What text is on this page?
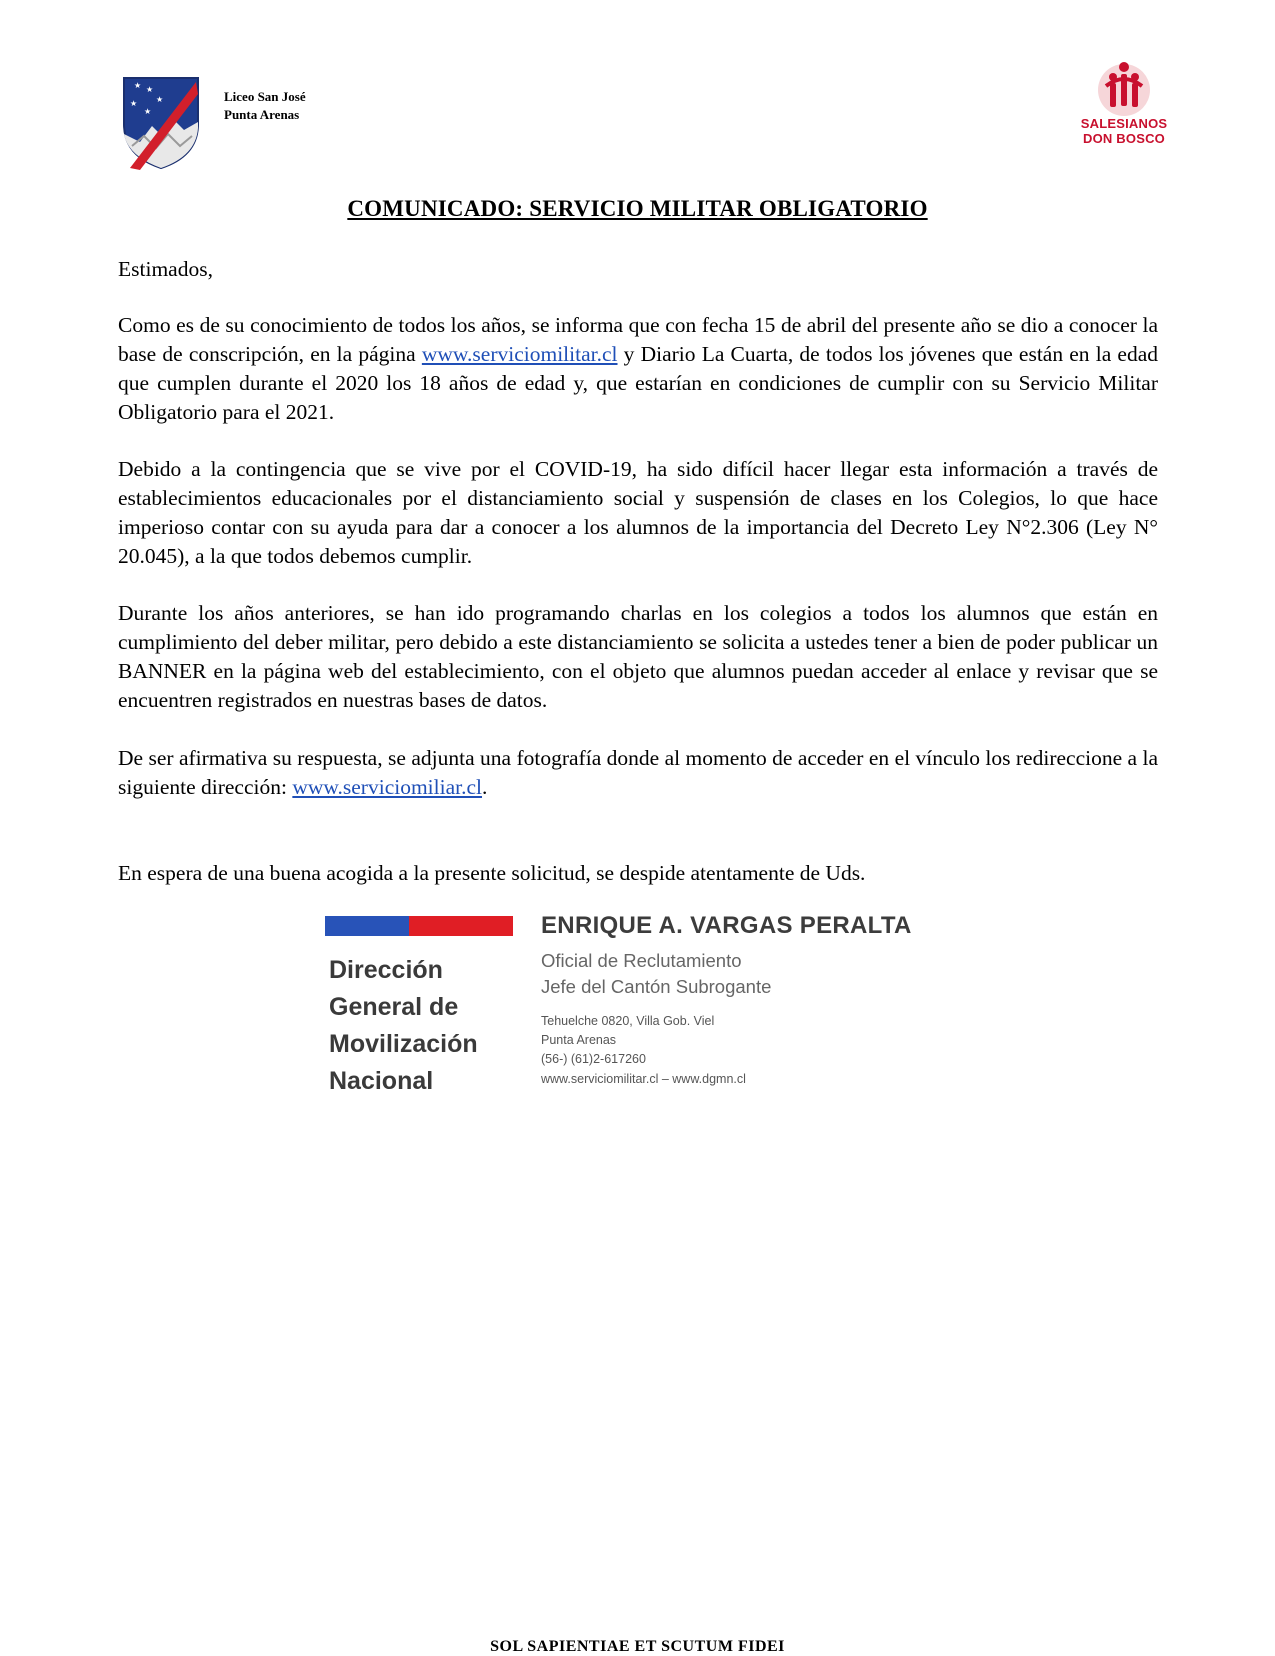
★ ★
★
★
★	Liceo San José
Punta Arenas
SALESIANOS
DON BOSCO
COMUNICADO: SERVICIO MILITAR OBLIGATORIO
Estimados,
Como es de su conocimiento de todos los años, se informa que con fecha 15 de abril del presente año se dio a conocer la base de conscripción, en la página www.serviciomilitar.cl y Diario La Cuarta, de todos los jóvenes que están en la edad que cumplen durante el 2020 los 18 años de edad y, que estarían en condiciones de cumplir con su Servicio Militar Obligatorio para el 2021.
Debido a la contingencia que se vive por el COVID-19, ha sido difícil hacer llegar esta información a través de establecimientos educacionales por el distanciamiento social y suspensión de clases en los Colegios, lo que hace imperioso contar con su ayuda para dar a conocer a los alumnos de la importancia del Decreto Ley N°2.306 (Ley N° 20.045), a la que todos debemos cumplir.
Durante los años anteriores, se han ido programando charlas en los colegios a todos los alumnos que están en cumplimiento del deber militar, pero debido a este distanciamiento se solicita a ustedes tener a bien de poder publicar un BANNER en la página web del establecimiento, con el objeto que alumnos puedan acceder al enlace y revisar que se encuentren registrados en nuestras bases de datos.
De ser afirmativa su respuesta, se adjunta una fotografía donde al momento de acceder en el vínculo los redireccione a la siguiente dirección: www.serviciomiliar.cl.
En espera de una buena acogida a la presente solicitud, se despide atentamente de Uds.
Dirección
General de
Movilización
Nacional
ENRIQUE A. VARGAS PERALTA
Oficial de Reclutamiento
Jefe del Cantón Subrogante
Tehuelche 0820, Villa Gob. Viel
Punta Arenas
(56-) (61)2-617260
www.serviciomilitar.cl – www.dgmn.cl
SOL SAPIENTIAE ET SCUTUM FIDEI
